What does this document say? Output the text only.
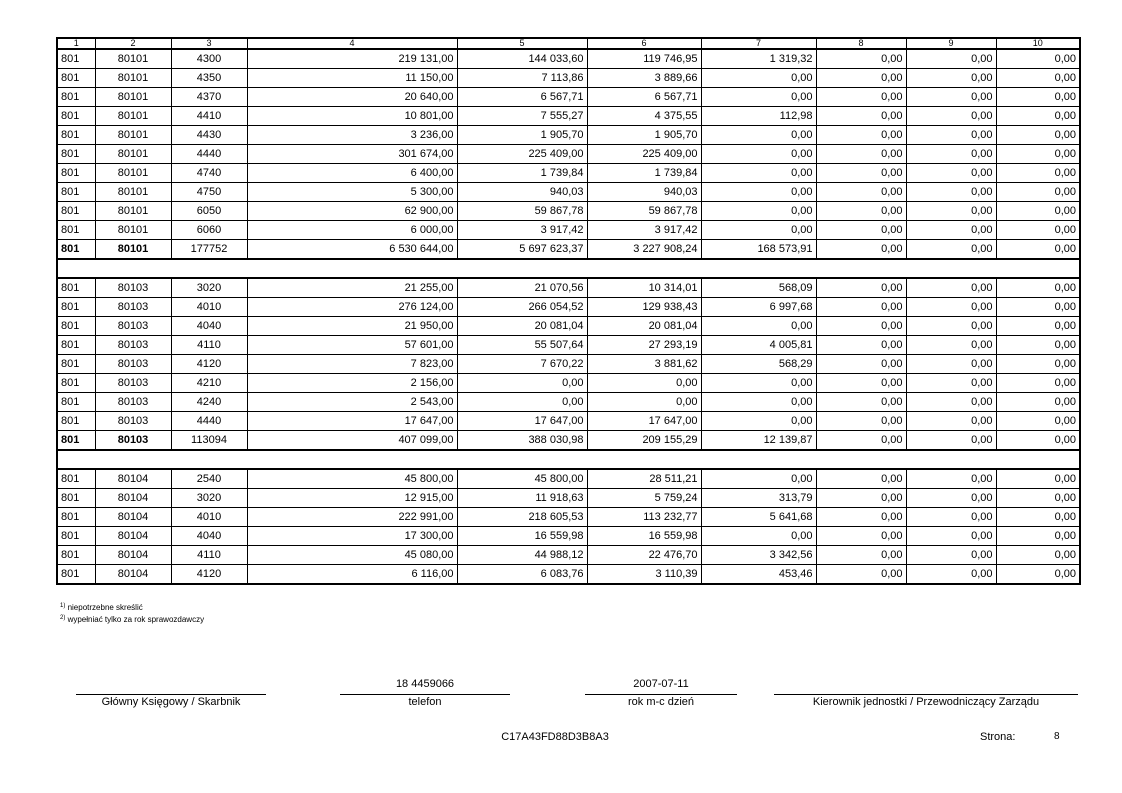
1	2	3	4	5	6	7	8	9	10
801	80101	4300	219 131,00	144 033,60	119 746,95	1 319,32	0,00	0,00	0,00
801	80101	4350	11 150,00	7 113,86	3 889,66	0,00	0,00	0,00	0,00
801	80101	4370	20 640,00	6 567,71	6 567,71	0,00	0,00	0,00	0,00
801	80101	4410	10 801,00	7 555,27	4 375,55	112,98	0,00	0,00	0,00
801	80101	4430	3 236,00	1 905,70	1 905,70	0,00	0,00	0,00	0,00
801	80101	4440	301 674,00	225 409,00	225 409,00	0,00	0,00	0,00	0,00
801	80101	4740	6 400,00	1 739,84	1 739,84	0,00	0,00	0,00	0,00
801	80101	4750	5 300,00	940,03	940,03	0,00	0,00	0,00	0,00
801	80101	6050	62 900,00	59 867,78	59 867,78	0,00	0,00	0,00	0,00
801	80101	6060	6 000,00	3 917,42	3 917,42	0,00	0,00	0,00	0,00
801	80101	177752	6 530 644,00	5 697 623,37	3 227 908,24	168 573,91	0,00	0,00	0,00

801	80103	3020	21 255,00	21 070,56	10 314,01	568,09	0,00	0,00	0,00
801	80103	4010	276 124,00	266 054,52	129 938,43	6 997,68	0,00	0,00	0,00
801	80103	4040	21 950,00	20 081,04	20 081,04	0,00	0,00	0,00	0,00
801	80103	4110	57 601,00	55 507,64	27 293,19	4 005,81	0,00	0,00	0,00
801	80103	4120	7 823,00	7 670,22	3 881,62	568,29	0,00	0,00	0,00
801	80103	4210	2 156,00	0,00	0,00	0,00	0,00	0,00	0,00
801	80103	4240	2 543,00	0,00	0,00	0,00	0,00	0,00	0,00
801	80103	4440	17 647,00	17 647,00	17 647,00	0,00	0,00	0,00	0,00
801	80103	113094	407 099,00	388 030,98	209 155,29	12 139,87	0,00	0,00	0,00

801	80104	2540	45 800,00	45 800,00	28 511,21	0,00	0,00	0,00	0,00
801	80104	3020	12 915,00	11 918,63	5 759,24	313,79	0,00	0,00	0,00
801	80104	4010	222 991,00	218 605,53	113 232,77	5 641,68	0,00	0,00	0,00
801	80104	4040	17 300,00	16 559,98	16 559,98	0,00	0,00	0,00	0,00
801	80104	4110	45 080,00	44 988,12	22 476,70	3 342,56	0,00	0,00	0,00
801	80104	4120	6 116,00	6 083,76	3 110,39	453,46	0,00	0,00	0,00
$^{1)}$ niepotrzebne skreślić
$^{2)}$ wypełniać tylko za rok sprawozdawczy
Główny Księgowy / Skarbnik
18 4459066
telefon
2007-07-11
rok m-c dzień	Kierownik jednostki / Przewodniczący Zarządu
C17A43FD88D3B8A3	Strona:	8
